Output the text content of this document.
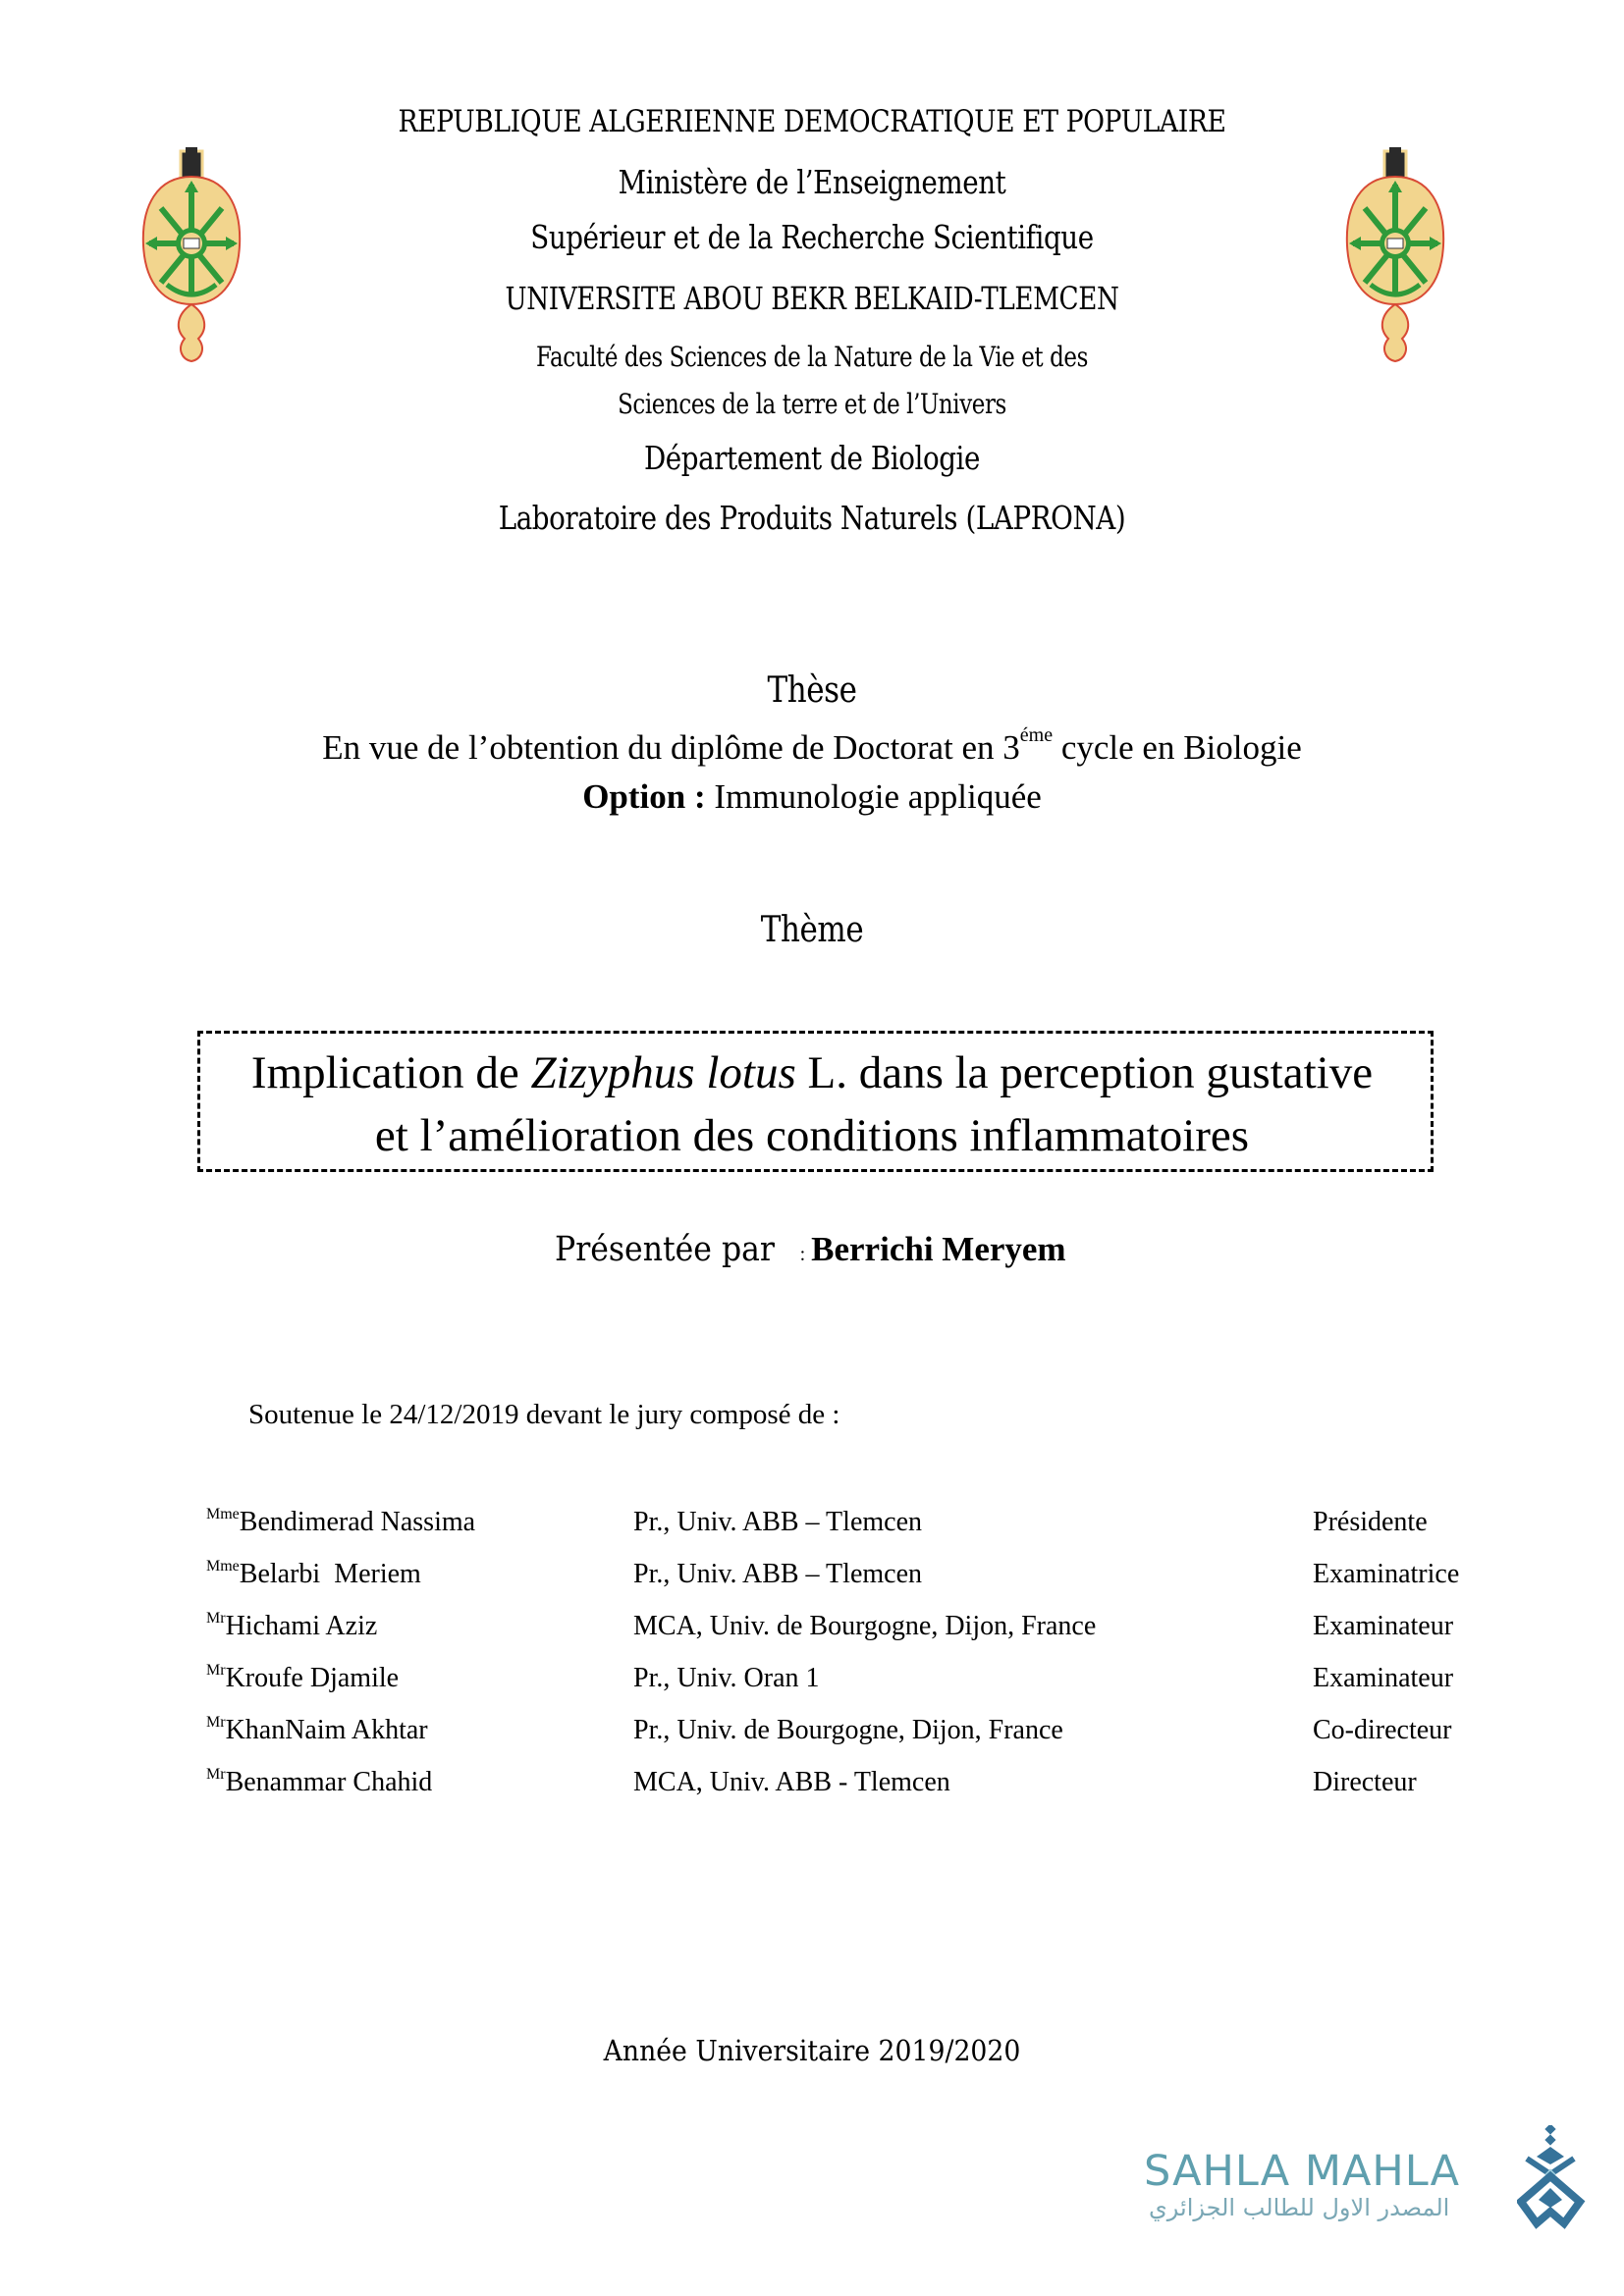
REPUBLIQUE ALGERIENNE DEMOCRATIQUE ET POPULAIRE
Ministère de l’Enseignement
Supérieur et de la Recherche Scientifique
UNIVERSITE ABOU BEKR BELKAID-TLEMCEN
Faculté des Sciences de la Nature de la Vie et des
Sciences de la terre et de l’Univers
Département de Biologie
Laboratoire des Produits Naturels (LAPRONA)
Thèse
En vue de l’obtention du diplôme de Doctorat en $3^{éme}$ cycle en Biologie
Option : Immunologie appliquée
Thème
Implication de Zizyphus lotus L. dans la perception gustative
et l’amélioration des conditions inflammatoires
Présentée par : Berrichi Meryem
Soutenue le 24/12/2019 devant le jury composé de :
$^{Mme}$Bendimerad Nassima	Pr., Univ. ABB – Tlemcen	Présidente
$^{Mme}$Belarbi  Meriem	Pr., Univ. ABB – Tlemcen	Examinatrice
$^{Mr}$Hichami Aziz	MCA, Univ. de Bourgogne, Dijon, France	Examinateur
$^{Mr}$Kroufe Djamile	Pr., Univ. Oran 1	Examinateur
$^{Mr}$KhanNaim Akhtar	Pr., Univ. de Bourgogne, Dijon, France	Co-directeur
$^{Mr}$Benammar Chahid	MCA, Univ. ABB - Tlemcen	Directeur
Année Universitaire 2019/2020
SAHLA MAHLA
المصدر الاول للطالب الجزائري
